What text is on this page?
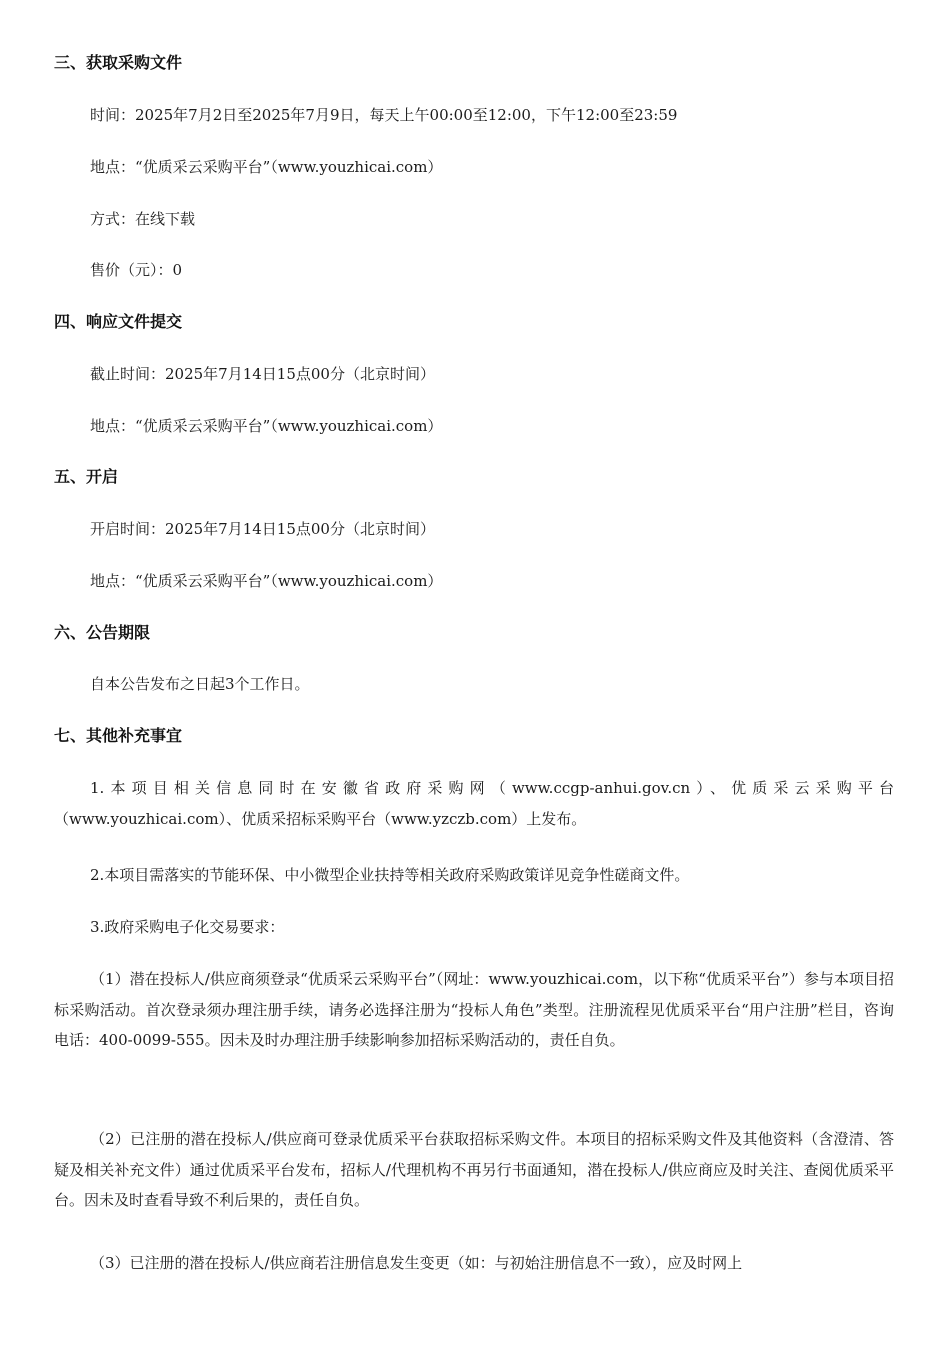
三、获取采购文件
时间：2025年7月2日至2025年7月9日，每天上午00:00至12:00，下午12:00至23:59
地点：“优质采云采购平台”（www.youzhicai.com）
方式：在线下载
售价（元）：0
四、响应文件提交
截止时间：2025年7月14日15点00分（北京时间）
地点：“优质采云采购平台”（www.youzhicai.com）
五、开启
开启时间：2025年7月14日15点00分（北京时间）
地点：“优质采云采购平台”（www.youzhicai.com）
六、公告期限
自本公告发布之日起3个工作日。
七、其他补充事宜
1.本项目相关信息同时在安徽省政府采购网（www.ccgp-anhui.gov.cn）、优质采云采购平台（www.youzhicai.com）、优质采招标采购平台（www.yzczb.com）上发布。
2.本项目需落实的节能环保、中小微型企业扶持等相关政府采购政策详见竞争性磋商文件。
3.政府采购电子化交易要求：
（1）潜在投标人/供应商须登录“优质采云采购平台”（网址：www.youzhicai.com，以下称“优质采平台”）参与本项目招标采购活动。首次登录须办理注册手续，请务必选择注册为“投标人角色”类型。注册流程见优质采平台“用户注册”栏目，咨询电话：400-0099-555。因未及时办理注册手续影响参加招标采购活动的，责任自负。
（2）已注册的潜在投标人/供应商可登录优质采平台获取招标采购文件。本项目的招标采购文件及其他资料（含澄清、答疑及相关补充文件）通过优质采平台发布，招标人/代理机构不再另行书面通知，潜在投标人/供应商应及时关注、查阅优质采平台。因未及时查看导致不利后果的，责任自负。
（3）已注册的潜在投标人/供应商若注册信息发生变更（如：与初始注册信息不一致），应及时网上
